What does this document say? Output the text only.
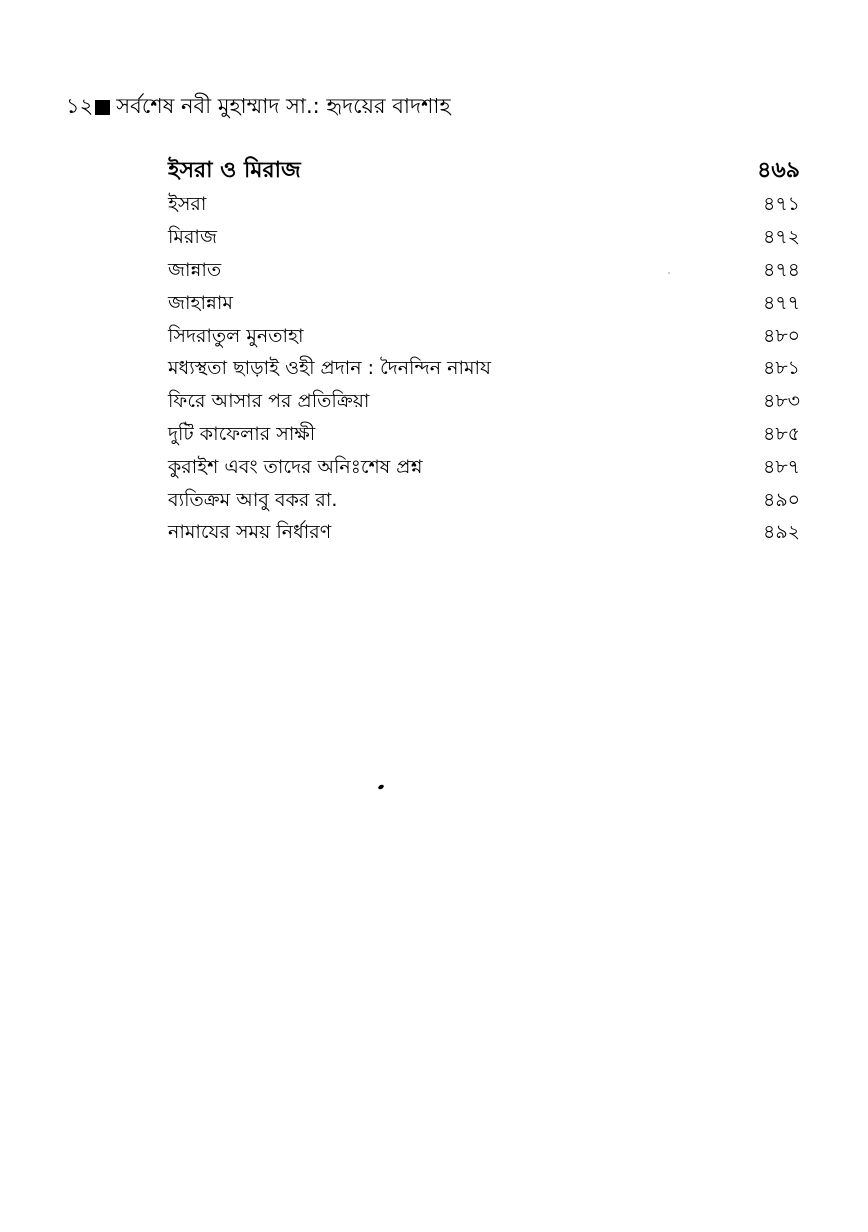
১২ সর্বশেষ নবী মুহাম্মাদ সা.: হৃদয়ের বাদশাহ
ইসরা ও মিরাজ	৪৬৯
ইসরা	৪৭১
মিরাজ	৪৭২
জান্নাত	৪৭৪
জাহান্নাম	৪৭৭
সিদরাতুল মুনতাহা	৪৮০
মধ্যস্থতা ছাড়াই ওহী প্রদান : দৈনন্দিন নামায	৪৮১
ফিরে আসার পর প্রতিক্রিয়া	৪৮৩
দুটি কাফেলার সাক্ষী	৪৮৫
কুরাইশ এবং তাদের অনিঃশেষ প্রশ্ন	৪৮৭
ব্যতিক্রম আবু বকর রা.	৪৯০
নামাযের সময় নির্ধারণ	৪৯২
